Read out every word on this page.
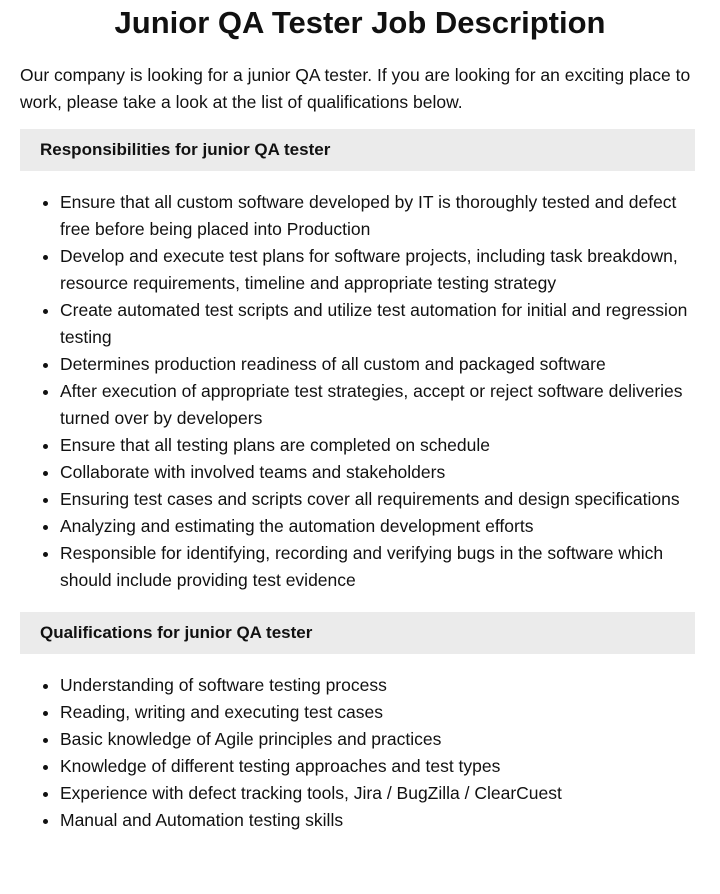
Junior QA Tester Job Description

Our company is looking for a junior QA tester. If you are looking for an exciting place to work, please take a look at the list of qualifications below.

Responsibilities for junior QA tester
• Ensure that all custom software developed by IT is thoroughly tested and defect free before being placed into Production
• Develop and execute test plans for software projects, including task breakdown, resource requirements, timeline and appropriate testing strategy
• Create automated test scripts and utilize test automation for initial and regression testing
• Determines production readiness of all custom and packaged software
• After execution of appropriate test strategies, accept or reject software deliveries turned over by developers
• Ensure that all testing plans are completed on schedule
• Collaborate with involved teams and stakeholders
• Ensuring test cases and scripts cover all requirements and design specifications
• Analyzing and estimating the automation development efforts
• Responsible for identifying, recording and verifying bugs in the software which should include providing test evidence
Qualifications for junior QA tester
• Understanding of software testing process
• Reading, writing and executing test cases
• Basic knowledge of Agile principles and practices
• Knowledge of different testing approaches and test types
• Experience with defect tracking tools, Jira / BugZilla / ClearCuest
• Manual and Automation testing skills
